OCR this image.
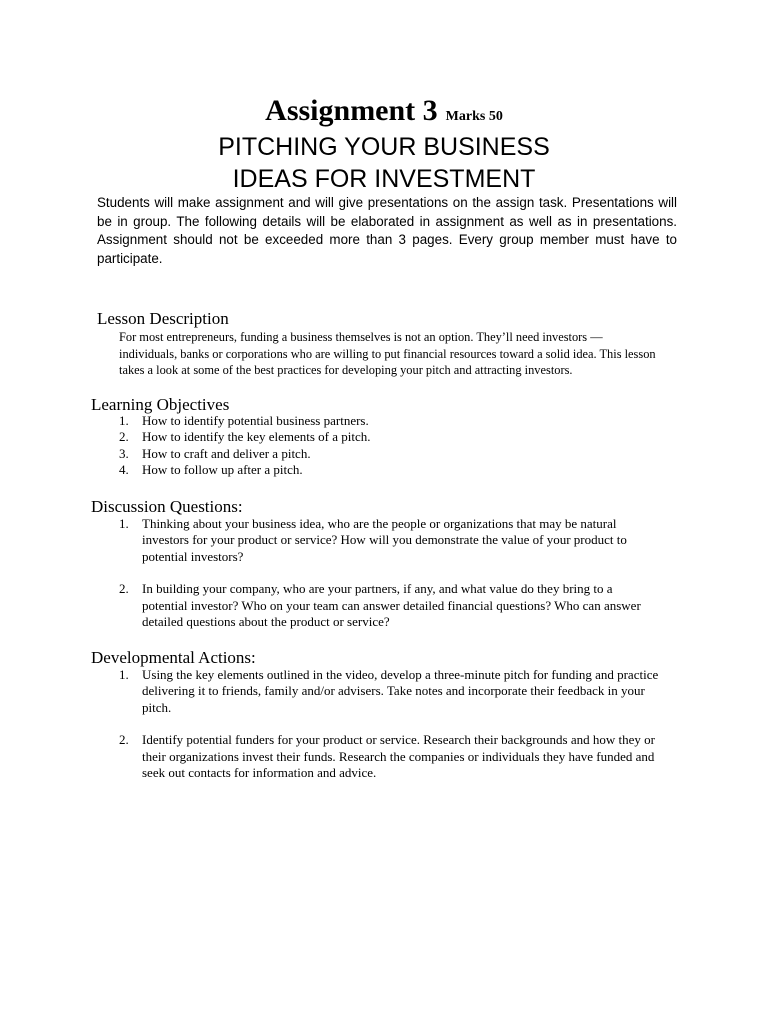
Assignment 3 Marks 50
PITCHING YOUR BUSINESS
IDEAS FOR INVESTMENT

Students will make assignment and will give presentations on the assign task. Presentations will be in group. The following details will be elaborated in assignment as well as in presentations. Assignment should not be exceeded more than 3 pages. Every group member must have to participate.

Lesson Description

For most entrepreneurs, funding a business themselves is not an option. They’ll need investors — individuals, banks or corporations who are willing to put financial resources toward a solid idea. This lesson takes a look at some of the best practices for developing your pitch and attracting investors.

Learning Objectives
1.	How to identify potential business partners.
2.	How to identify the key elements of a pitch.
3.	How to craft and deliver a pitch.
4.	How to follow up after a pitch.
Discussion Questions:
1.	Thinking about your business idea, who are the people or organizations that may be natural investors for your product or service? How will you demonstrate the value of your product to potential investors?
2.	In building your company, who are your partners, if any, and what value do they bring to a potential investor? Who on your team can answer detailed financial questions? Who can answer detailed questions about the product or service?
Developmental Actions:
1.	Using the key elements outlined in the video, develop a three-minute pitch for funding and practice delivering it to friends, family and/or advisers. Take notes and incorporate their feedback in your pitch.
2.	Identify potential funders for your product or service. Research their backgrounds and how they or their organizations invest their funds. Research the companies or individuals they have funded and seek out contacts for information and advice.
